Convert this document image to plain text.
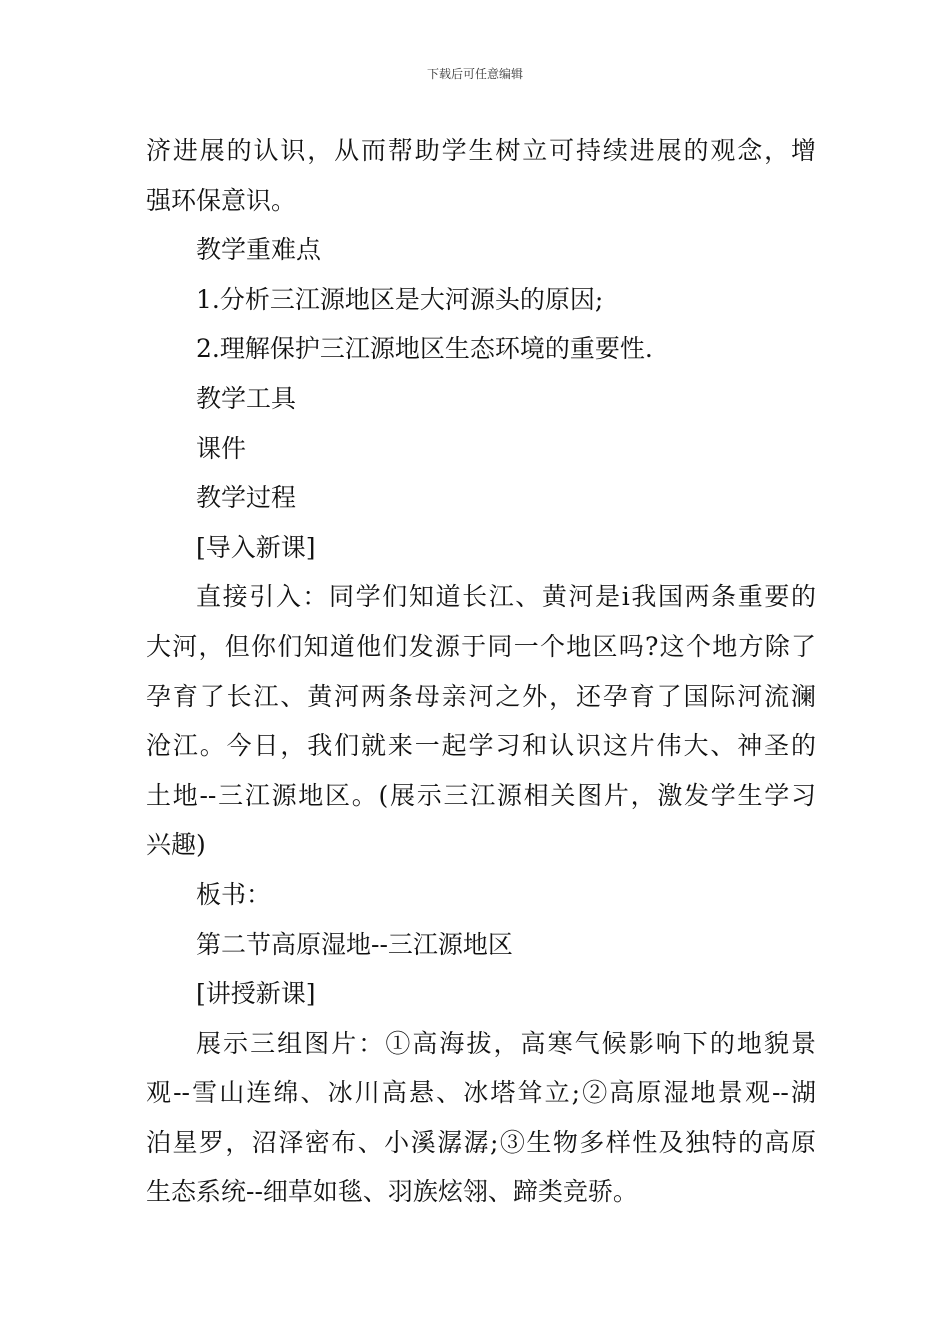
下载后可任意编辑
济进展的认识，从而帮助学生树立可持续进展的观念，增
强环保意识。
教学重难点
1.分析三江源地区是大河源头的原因;
2.理解保护三江源地区生态环境的重要性.
教学工具
课件
教学过程
[导入新课]
直接引入：同学们知道长江、黄河是i我国两条重要的
大河，但你们知道他们发源于同一个地区吗?这个地方除了
孕育了长江、黄河两条母亲河之外，还孕育了国际河流澜
沧江。今日，我们就来一起学习和认识这片伟大、神圣的
土地--三江源地区。(展示三江源相关图片，激发学生学习
兴趣)
板书：
第二节高原湿地--三江源地区
[讲授新课]
展示三组图片：①高海拔，高寒气候影响下的地貌景
观--雪山连绵、冰川高悬、冰塔耸立;②高原湿地景观--湖
泊星罗，沼泽密布、小溪潺潺;③生物多样性及独特的高原
生态系统--细草如毯、羽族炫翎、蹄类竞骄。
